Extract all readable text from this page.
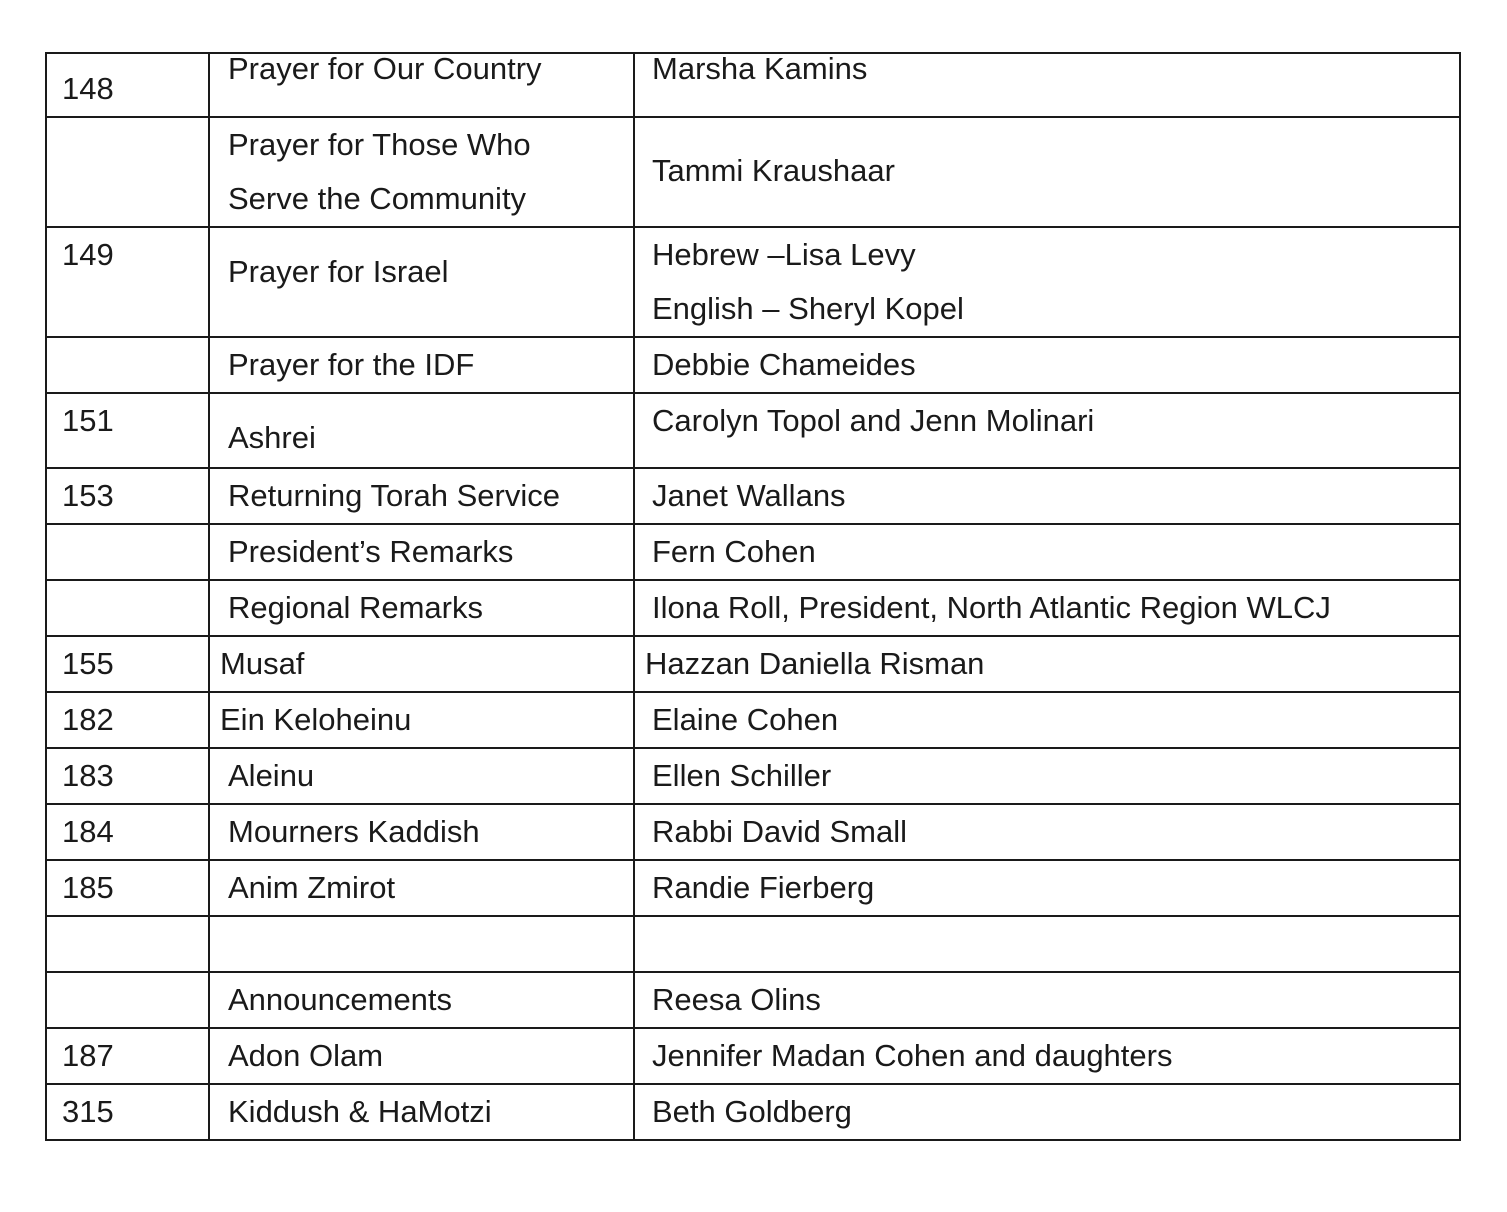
148	Prayer for Our Country	Marsha Kamins

	Prayer for Those Who
Serve the Community	Tammi Kraushaar

149	Prayer for Israel	Hebrew –Lisa Levy
English – Sheryl Kopel

	Prayer for the IDF	Debbie Chameides

151	Ashrei	Carolyn Topol and Jenn Molinari

153	Returning Torah Service	Janet Wallans

	President’s Remarks	Fern Cohen

	Regional Remarks	Ilona Roll, President, North Atlantic Region WLCJ

155	Musaf	Hazzan Daniella Risman

182	Ein Keloheinu	Elaine Cohen

183	Aleinu	Ellen Schiller

184	Mourners Kaddish	Rabbi David Small

185	Anim Zmirot	Randie Fierberg

	Announcements	Reesa Olins

187	Adon Olam	Jennifer Madan Cohen and daughters

315	Kiddush & HaMotzi	Beth Goldberg
